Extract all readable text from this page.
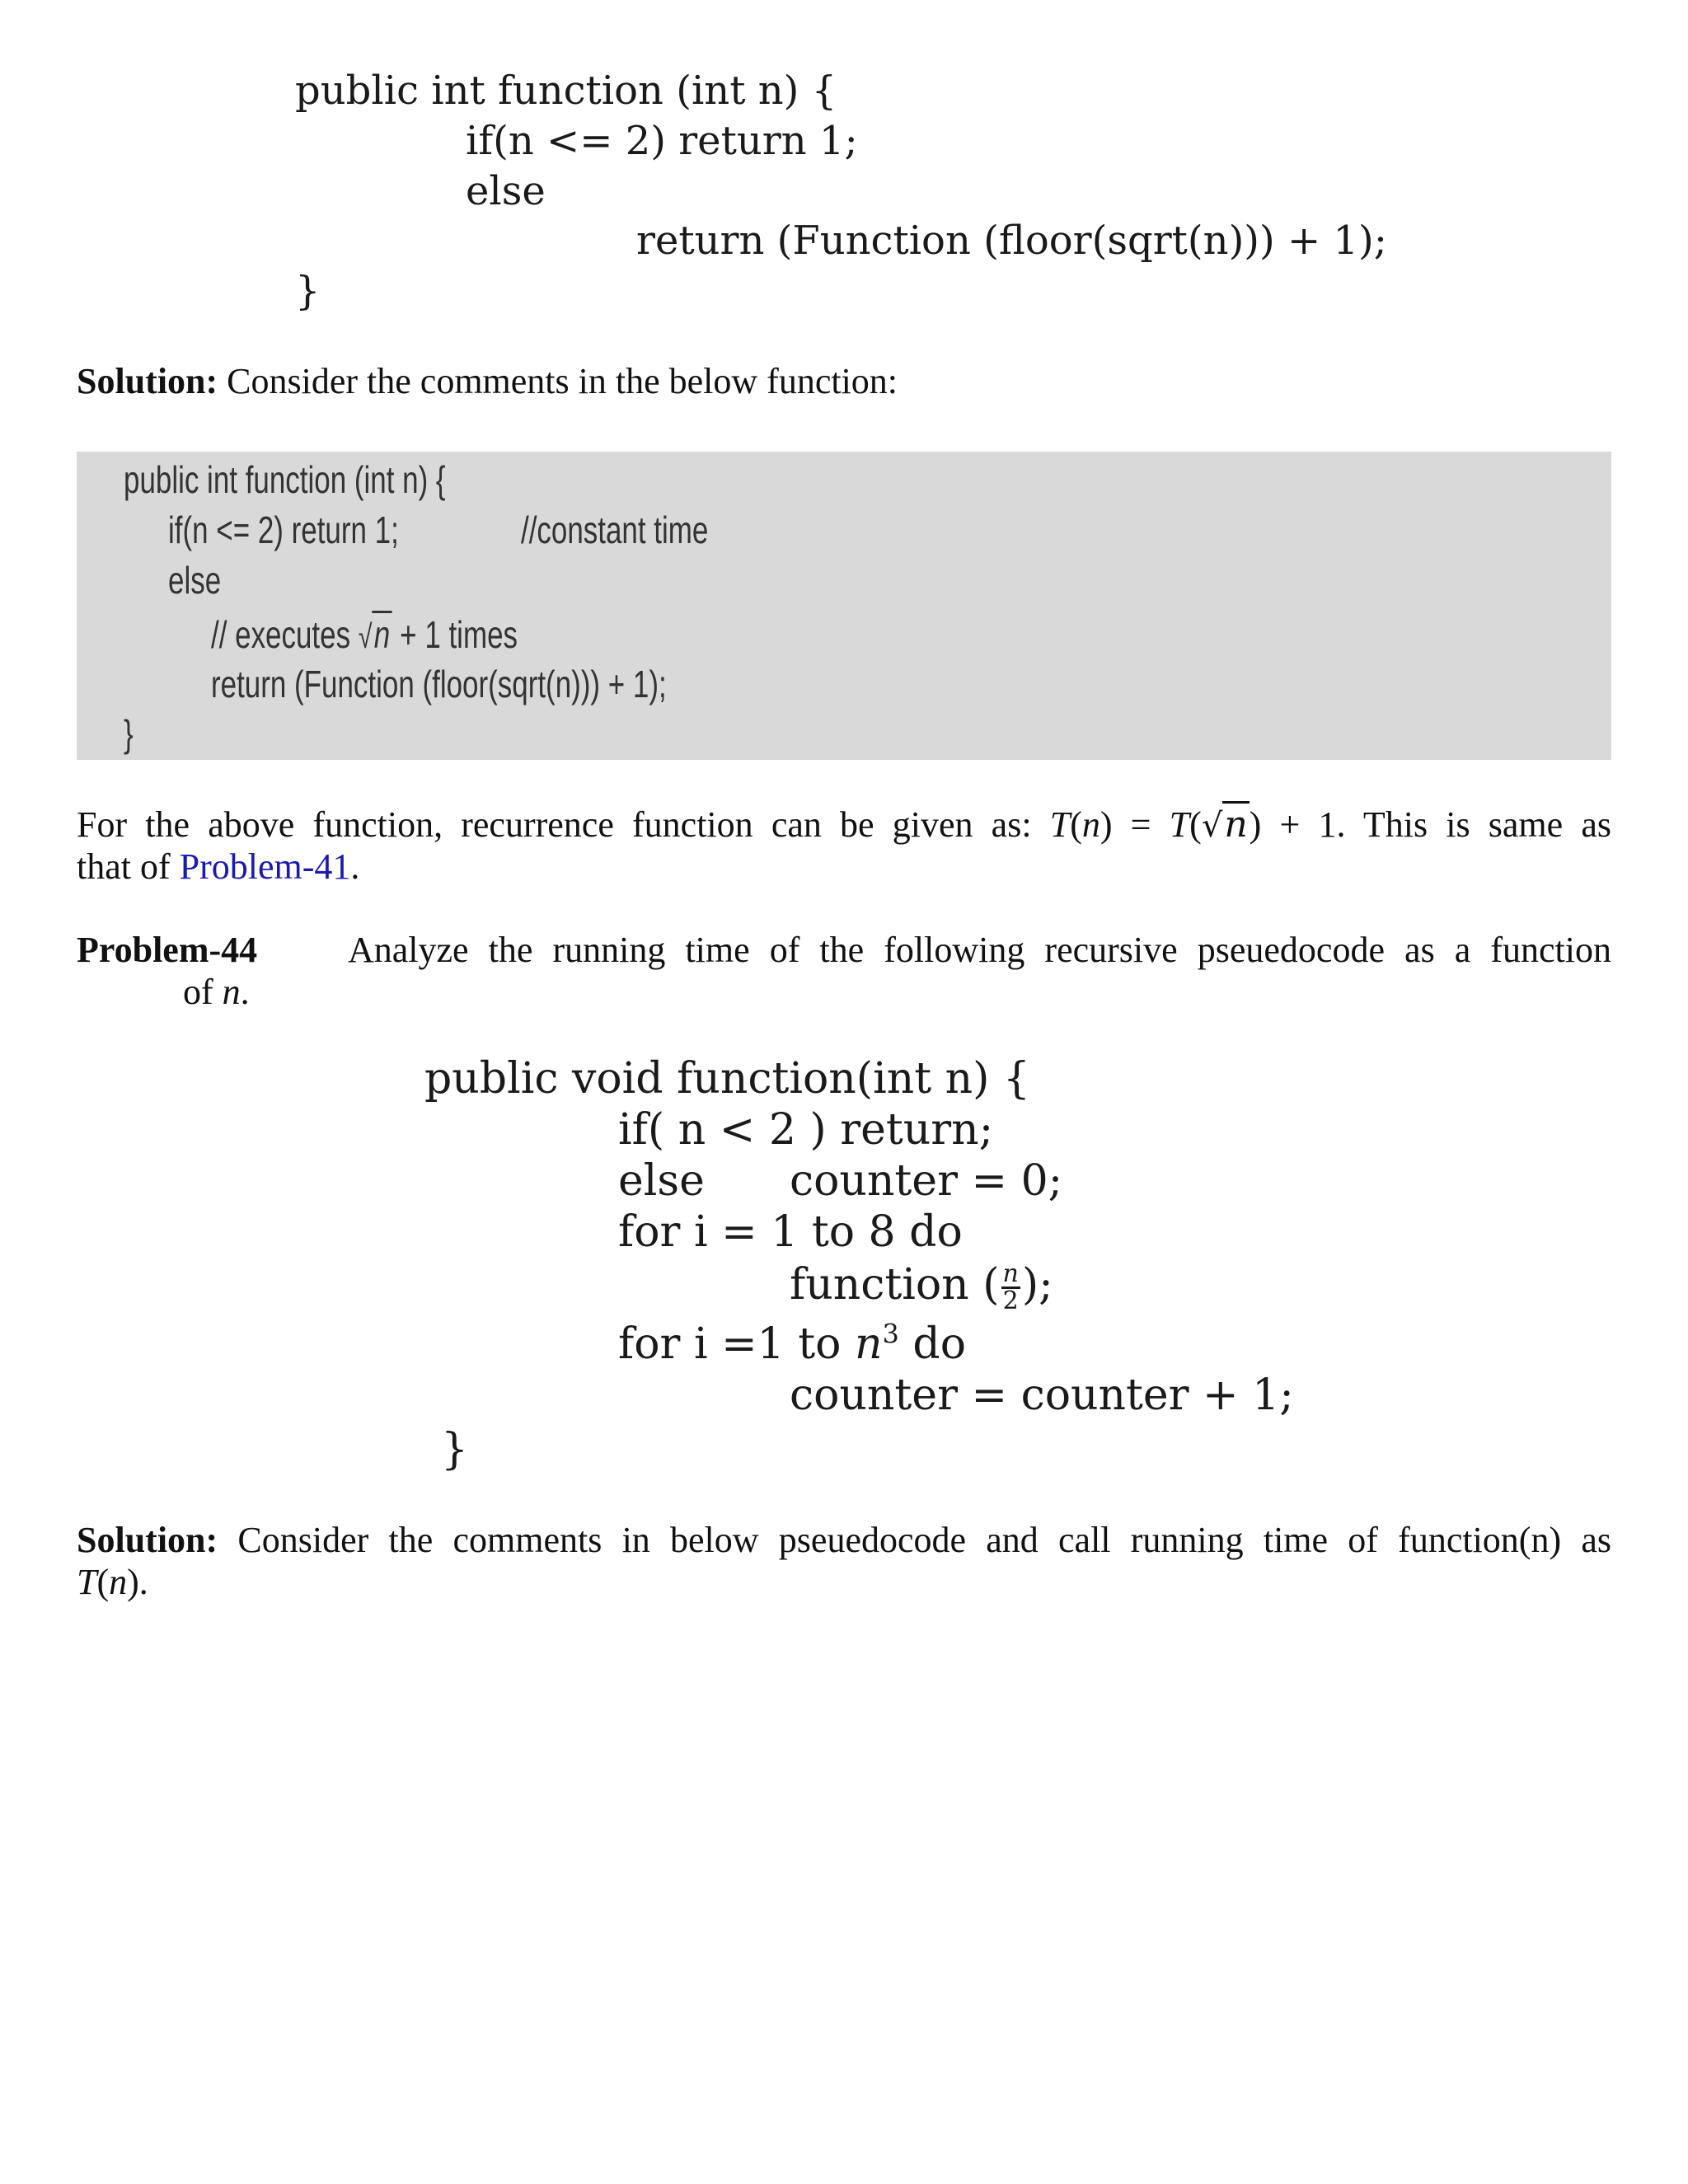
public int function (int n) {
if(n <= 2) return 1;
else
return (Function (floor(sqrt(n))) + 1);
}
Solution: Consider the comments in the below function:
public int function (int n) {
if(n <= 2) return 1;	//constant time
else
// executes √n + 1 times
return (Function (floor(sqrt(n))) + 1);
}
For the above function, recurrence function can be given as: T(n) = T(√n) + 1. This is same as
that of Problem-41.
Problem-44 Analyze the running time of the following recursive pseuedocode as a function
of n.
public void function(int n) {
if( n < 2 ) return;
else counter = 0;
for i = 1 to 8 do
function ( $\frac{n}{2}$ );
for i =1 to $n^3$ do
counter = counter + 1;
}
Solution: Consider the comments in below pseuedocode and call running time of function(n) as
T(n).
